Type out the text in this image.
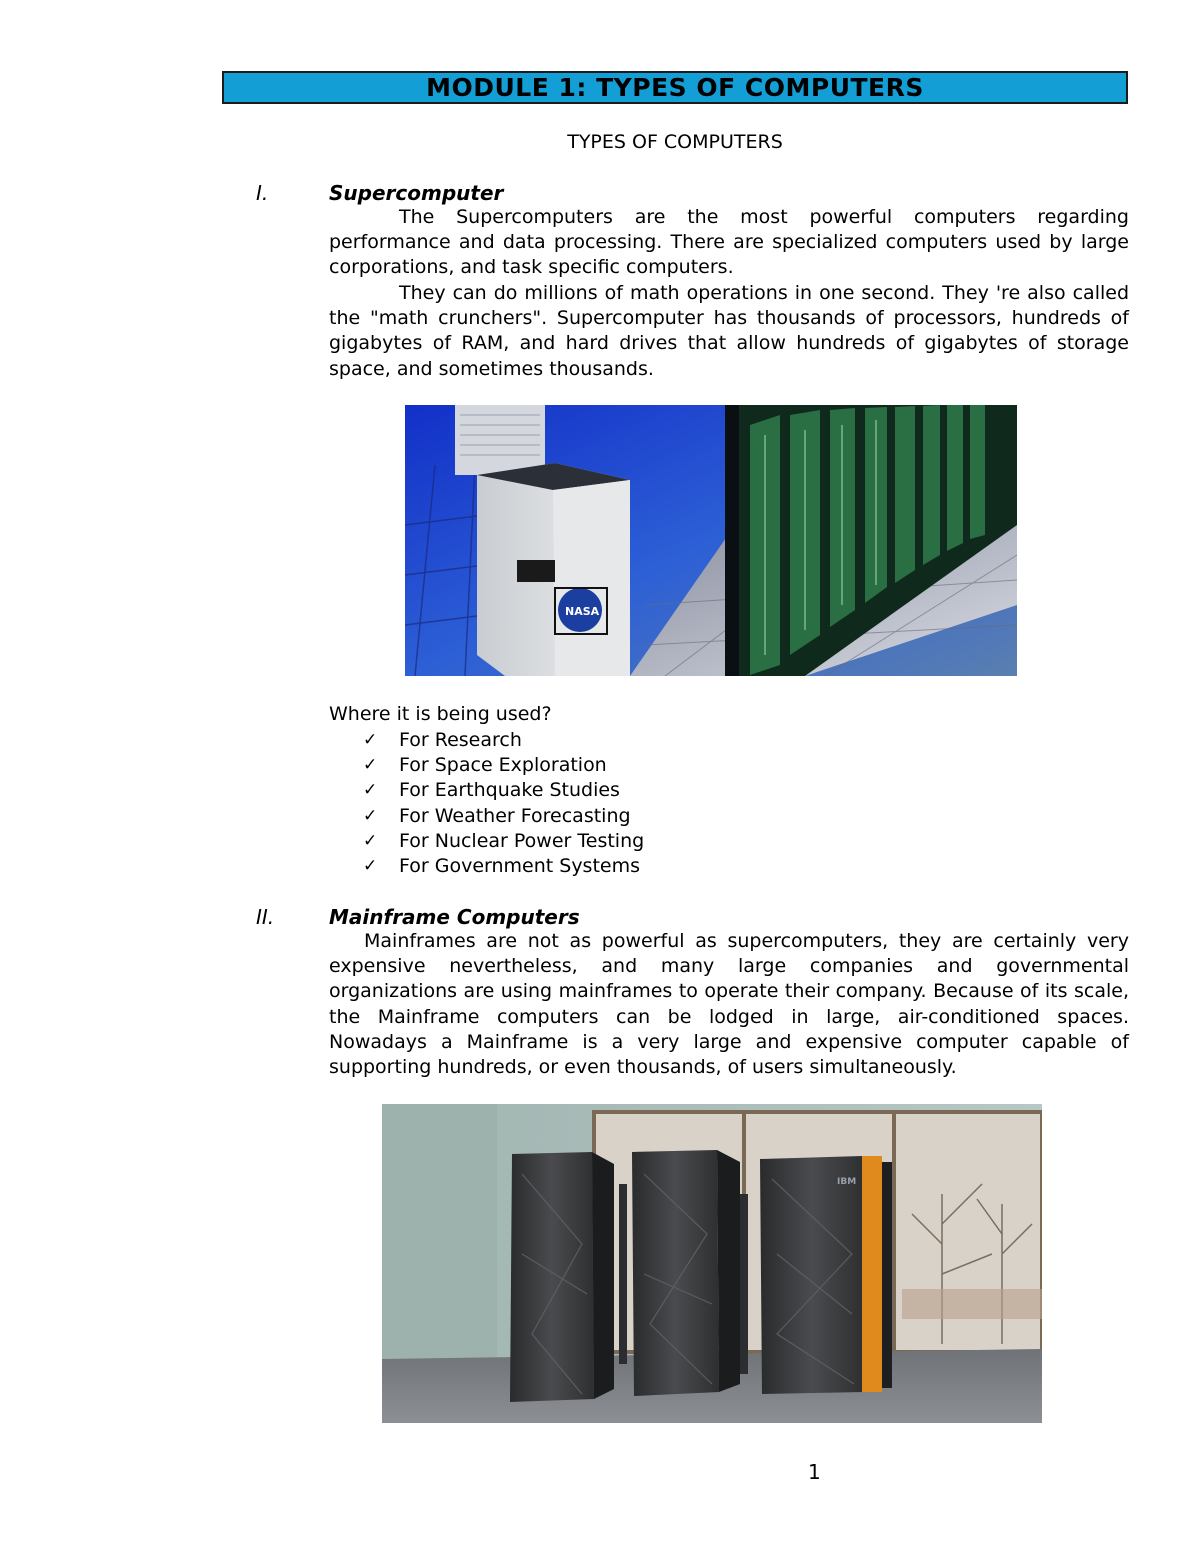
MODULE 1: TYPES OF COMPUTERS
TYPES OF COMPUTERS
I.	Supercomputer

The Supercomputers are the most powerful computers regarding performance and data processing. There are specialized computers used by large corporations, and task specific computers.

They can do millions of math operations in one second. They 're also called the "math crunchers". Supercomputer has thousands of processors, hundreds of gigabytes of RAM, and hard drives that allow hundreds of gigabytes of storage space, and sometimes thousands.

NASA
Where it is being used?
✓	For Research
✓	For Space Exploration
✓	For Earthquake Studies
✓	For Weather Forecasting
✓	For Nuclear Power Testing
✓	For Government Systems
II.	Mainframe Computers

Mainframes are not as powerful as supercomputers, they are certainly very expensive nevertheless, and many large companies and governmental organizations are using mainframes to operate their company. Because of its scale, the Mainframe computers can be lodged in large, air-conditioned spaces. Nowadays a Mainframe is a very large and expensive computer capable of supporting hundreds, or even thousands, of users simultaneously.

IBM
1
